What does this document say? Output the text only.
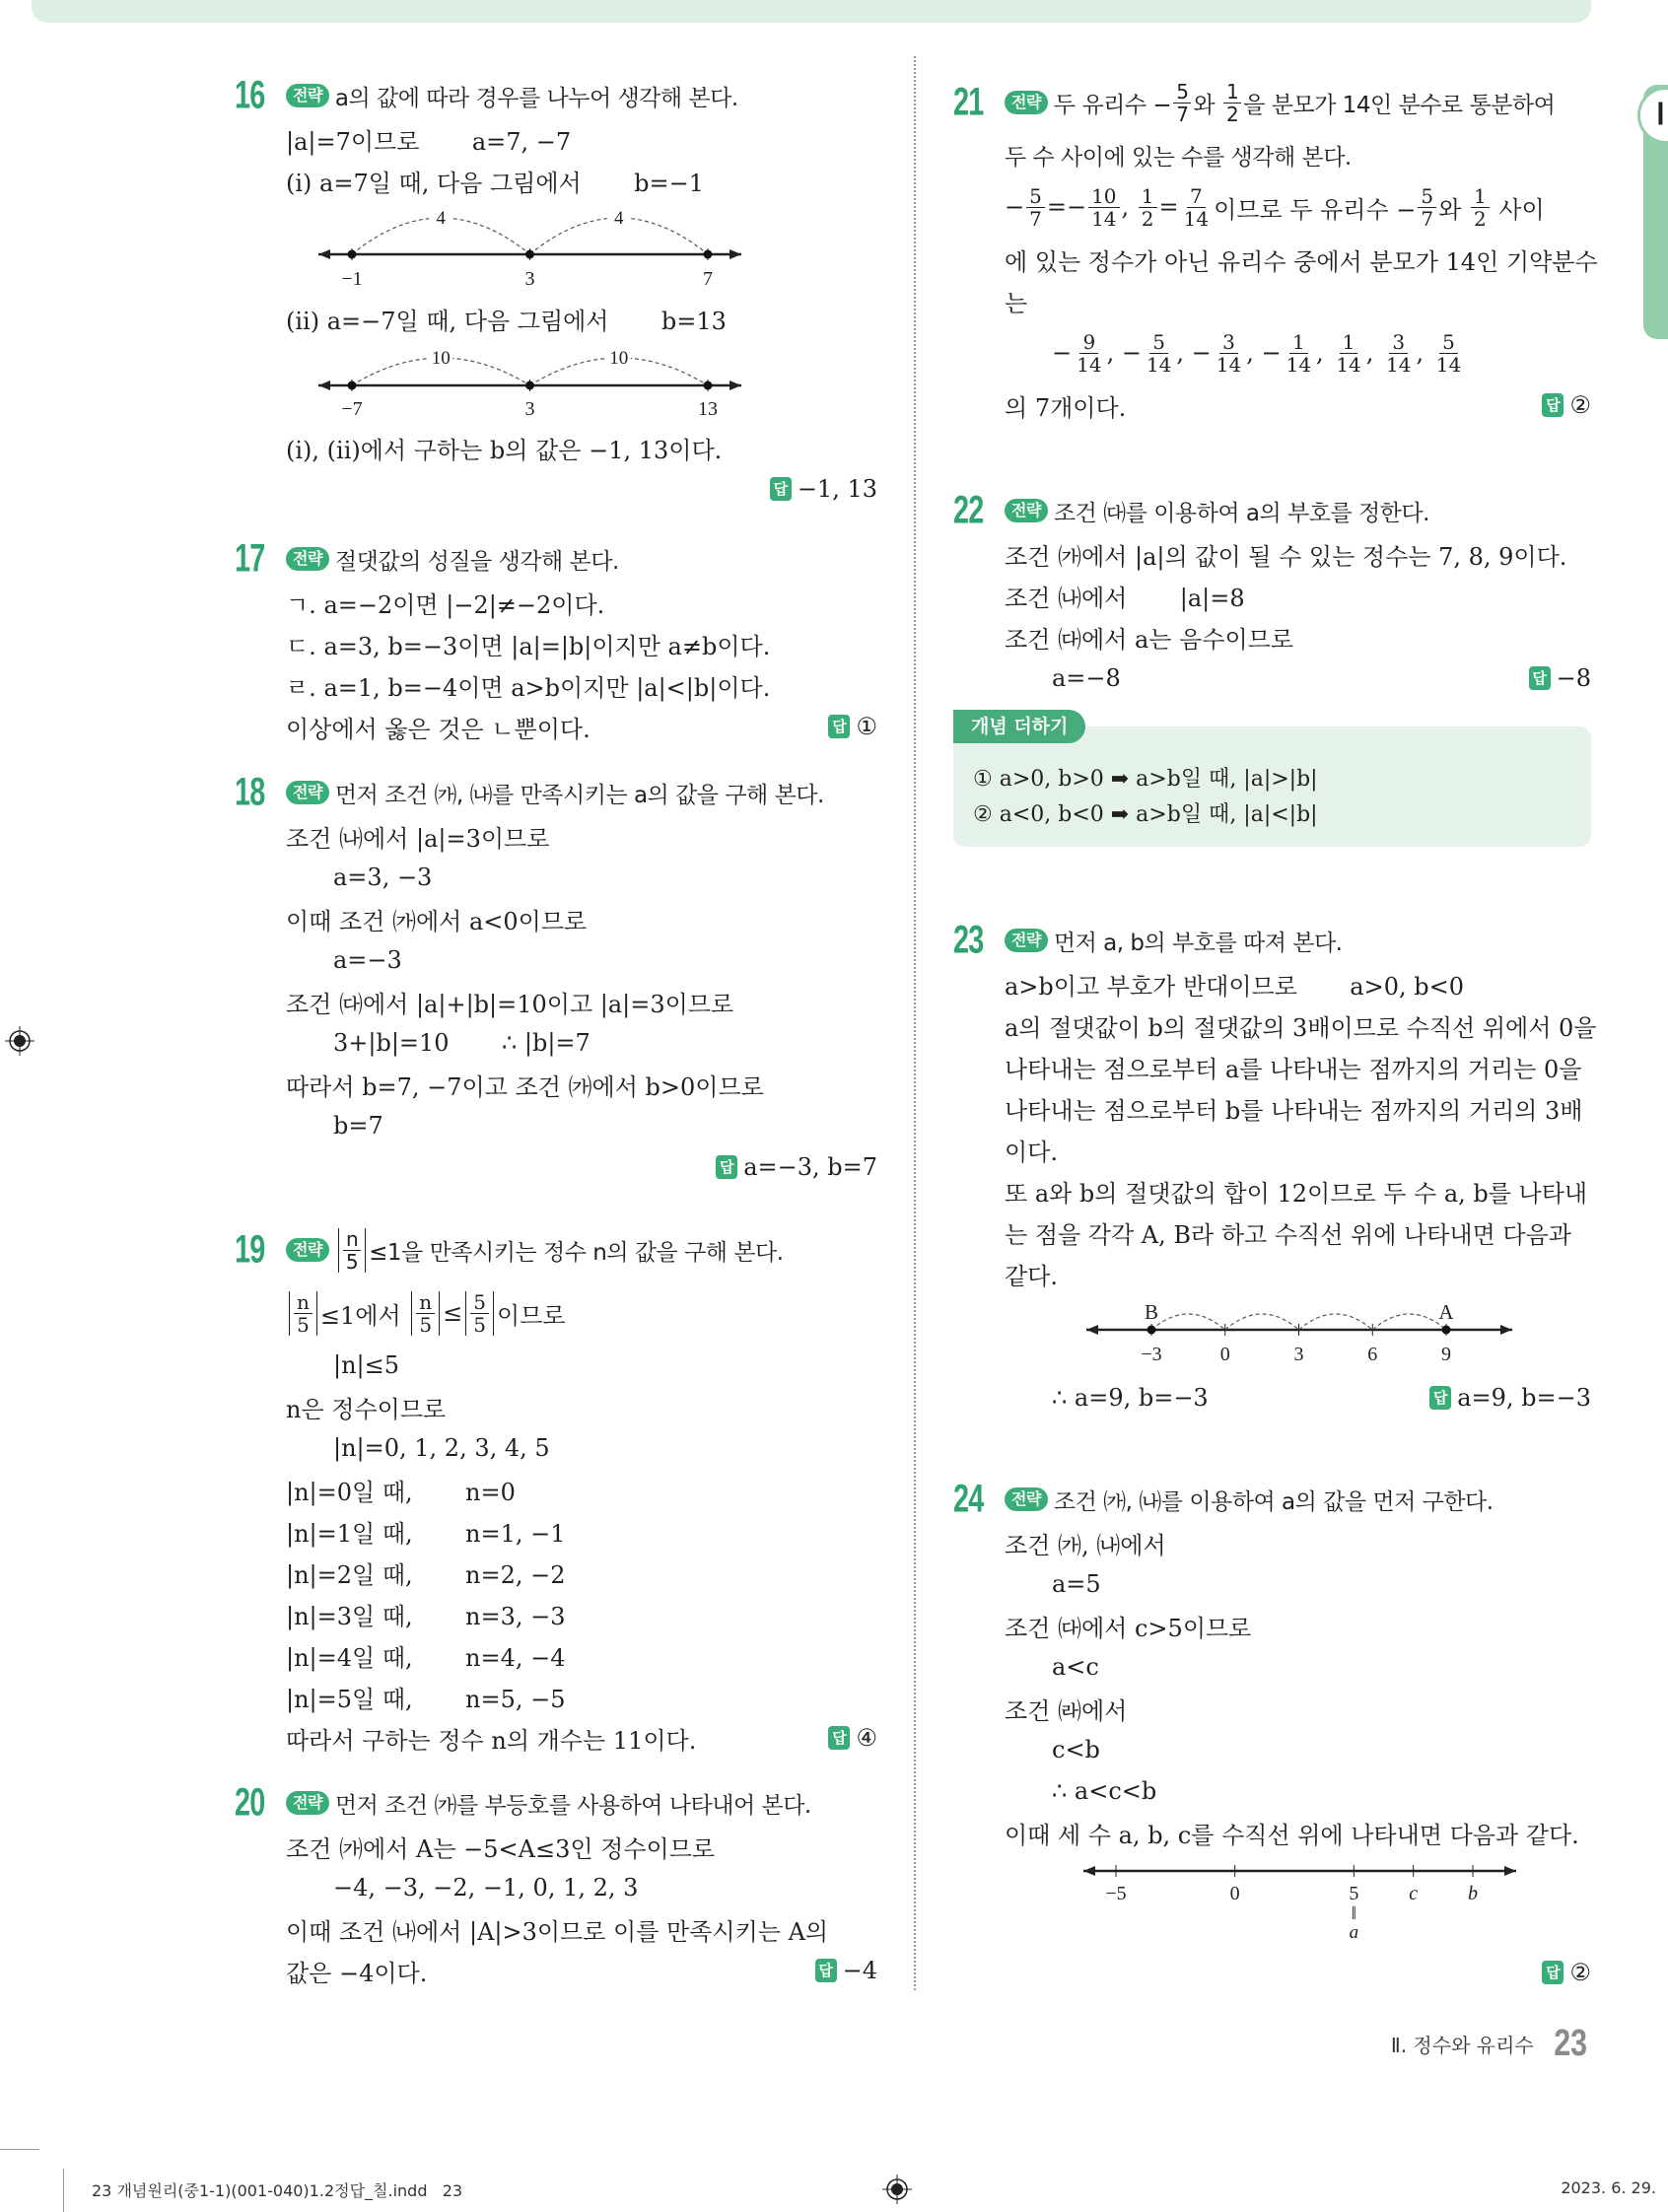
Ⅰ
16	전략 a의 값에 따라 경우를 나누어 생각해 본다.
|a|=7이므로       a=7, −7
(i) a=7일 때, 다음 그림에서       b=−1
4	4
−1	3	7
(ii) a=−7일 때, 다음 그림에서       b=13
10	10
−7	3	13
(i), (ii)에서 구하는 b의 값은 −1, 13이다.
답 −1, 13
17	전략 절댓값의 성질을 생각해 본다.
ㄱ. a=−2이면 |−2|≠−2이다.
ㄷ. a=3, b=−3이면 |a|=|b|이지만 a≠b이다.
ㄹ. a=1, b=−4이면 a>b이지만 |a|<|b|이다.
이상에서 옳은 것은 ㄴ뿐이다.	답 ①
18	전략 먼저 조건 ㈎, ㈏를 만족시키는 a의 값을 구해 본다.
조건 ㈏에서 |a|=3이므로
a=3, −3
이때 조건 ㈎에서 a<0이므로
a=−3
조건 ㈐에서 |a|+|b|=10이고 |a|=3이므로
3+|b|=10       ∴ |b|=7
따라서 b=7, −7이고 조건 ㈎에서 b>0이므로
b=7
답 a=−3, b=7
19	전략	$\frac{n}{5} \le 1$을 만족시키는 정수 n의 값을 구해 본다.
$\frac{n}{5} \le 1$에서 $\frac{n}{5} \le \frac{5}{5}$ 이므로
|n|≤5
n은 정수이므로
|n|=0, 1, 2, 3, 4, 5
|n|=0일 때,       n=0
|n|=1일 때,       n=1, −1
|n|=2일 때,       n=2, −2
|n|=3일 때,       n=3, −3
|n|=4일 때,       n=4, −4
|n|=5일 때,       n=5, −5
따라서 구하는 정수 n의 개수는 11이다.	답 ④
20	전략 먼저 조건 ㈎를 부등호를 사용하여 나타내어 본다.
조건 ㈎에서 A는 −5<A≤3인 정수이므로
−4, −3, −2, −1, 0, 1, 2, 3
이때 조건 ㈏에서 |A|>3이므로 이를 만족시키는 A의
값은 −4이다.	답 −4
21	전략 두 유리수 − $\frac{5}{7}$ 와 $\frac{1}{2}$ 을 분모가 14인 분수로 통분하여
두 수 사이에 있는 수를 생각해 본다.
− $\frac{5}{7} =- \frac{10}{14}$ , $\frac{1}{2} = \frac{7}{14}$ 이므로 두 유리수 − $\frac{5}{7}$ 와 $\frac{1}{2}$ 사이
에 있는 정수가 아닌 유리수 중에서 분모가 14인 기약분수
는
− $\frac{9}{14}$ , − $\frac{5}{14}$ , − $\frac{3}{14}$ , − $\frac{1}{14}$ , $\frac{1}{14}$ , $\frac{3}{14}$ , $\frac{5}{14}$
의 7개이다.	답 ②
22	전략 조건 ㈐를 이용하여 a의 부호를 정한다.
조건 ㈎에서 |a|의 값이 될 수 있는 정수는 7, 8, 9이다.
조건 ㈏에서       |a|=8
조건 ㈐에서 a는 음수이므로
a=−8	답 −8
23	전략 먼저 a, b의 부호를 따져 본다.
a>b이고 부호가 반대이므로       a>0, b<0
a의 절댓값이 b의 절댓값의 3배이므로 수직선 위에서 0을
나타내는 점으로부터 a를 나타내는 점까지의 거리는 0을
나타내는 점으로부터 b를 나타내는 점까지의 거리의 3배
이다.
또 a와 b의 절댓값의 합이 12이므로 두 수 a, b를 나타내
는 점을 각각 A, B라 하고 수직선 위에 나타내면 다음과
같다.
−3
B
0	3	6	9
A
∴ a=9, b=−3	답 a=9, b=−3
24	전략 조건 ㈎, ㈏를 이용하여 a의 값을 먼저 구한다.
조건 ㈎, ㈏에서
a=5
조건 ㈐에서 c>5이므로
a<c
조건 ㈑에서
c<b
∴ a<c<b
이때 세 수 a, b, c를 수직선 위에 나타내면 다음과 같다.
−5	0	5
‖
a
c	b
답 ②
① a>0, b>0 ➡ a>b일 때, |a|>|b|
② a<0, b<0 ➡ a>b일 때, |a|<|b|
개념 더하기
Ⅱ. 정수와 유리수 23
23 개념원리(중1-1)(001-040)1.2정답_칠.indd   23	2023. 6. 29.
